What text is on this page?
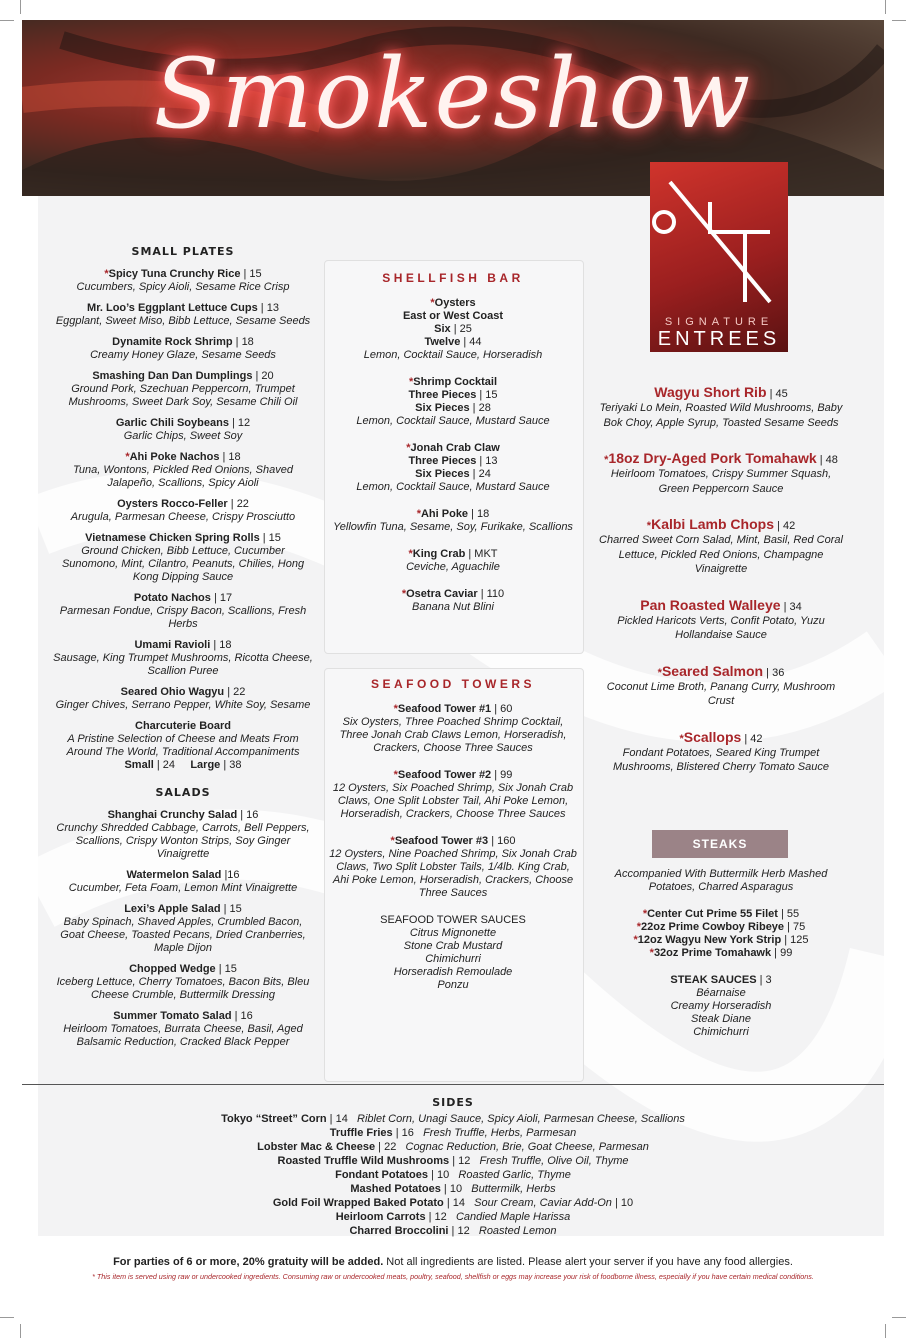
Smokeshow
SIGNATURE
ENTREES
SMALL PLATES
*Spicy Tuna Crunchy Rice | 15
Cucumbers, Spicy Aioli, Sesame Rice Crisp
Mr. Loo’s Eggplant Lettuce Cups | 13
Eggplant, Sweet Miso, Bibb Lettuce, Sesame Seeds
Dynamite Rock Shrimp | 18
Creamy Honey Glaze, Sesame Seeds
Smashing Dan Dan Dumplings | 20
Ground Pork, Szechuan Peppercorn, Trumpet Mushrooms, Sweet Dark Soy, Sesame Chili Oil
Garlic Chili Soybeans | 12
Garlic Chips, Sweet Soy
*Ahi Poke Nachos | 18
Tuna, Wontons, Pickled Red Onions, Shaved Jalapeño, Scallions, Spicy Aioli
Oysters Rocco-Feller | 22
Arugula, Parmesan Cheese, Crispy Prosciutto
Vietnamese Chicken Spring Rolls | 15
Ground Chicken, Bibb Lettuce, Cucumber Sunomono, Mint, Cilantro, Peanuts, Chilies, Hong Kong Dipping Sauce
Potato Nachos | 17
Parmesan Fondue, Crispy Bacon, Scallions, Fresh Herbs
Umami Ravioli | 18
Sausage, King Trumpet Mushrooms, Ricotta Cheese, Scallion Puree
Seared Ohio Wagyu | 22
Ginger Chives, Serrano Pepper, White Soy, Sesame
Charcuterie Board
A Pristine Selection of Cheese and Meats From Around The World, Traditional Accompaniments
Small | 24 Large | 38
SALADS
Shanghai Crunchy Salad | 16
Crunchy Shredded Cabbage, Carrots, Bell Peppers, Scallions, Crispy Wonton Strips, Soy Ginger Vinaigrette
Watermelon Salad |16
Cucumber, Feta Foam, Lemon Mint Vinaigrette
Lexi’s Apple Salad | 15
Baby Spinach, Shaved Apples, Crumbled Bacon, Goat Cheese, Toasted Pecans, Dried Cranberries, Maple Dijon
Chopped Wedge | 15
Iceberg Lettuce, Cherry Tomatoes, Bacon Bits, Bleu Cheese Crumble, Buttermilk Dressing
Summer Tomato Salad | 16
Heirloom Tomatoes, Burrata Cheese, Basil, Aged Balsamic Reduction, Cracked Black Pepper
SHELLFISH BAR
*Oysters
East or West Coast
Six | 25
Twelve | 44
Lemon, Cocktail Sauce, Horseradish
*Shrimp Cocktail
Three Pieces | 15
Six Pieces | 28
Lemon, Cocktail Sauce, Mustard Sauce
*Jonah Crab Claw
Three Pieces | 13
Six Pieces | 24
Lemon, Cocktail Sauce, Mustard Sauce
*Ahi Poke | 18
Yellowfin Tuna, Sesame, Soy, Furikake, Scallions
*King Crab | MKT
Ceviche, Aguachile
*Osetra Caviar | 110
Banana Nut Blini
SEAFOOD TOWERS
*Seafood Tower #1 | 60
Six Oysters, Three Poached Shrimp Cocktail, Three Jonah Crab Claws Lemon, Horseradish, Crackers, Choose Three Sauces
*Seafood Tower #2 | 99
12 Oysters, Six Poached Shrimp, Six Jonah Crab Claws, One Split Lobster Tail, Ahi Poke Lemon, Horseradish, Crackers, Choose Three Sauces
*Seafood Tower #3 | 160
12 Oysters, Nine Poached Shrimp, Six Jonah Crab Claws, Two Split Lobster Tails, 1/4lb. King Crab, Ahi Poke Lemon, Horseradish, Crackers, Choose Three Sauces
SEAFOOD TOWER SAUCES
Citrus Mignonette
Stone Crab Mustard
Chimichurri
Horseradish Remoulade
Ponzu
Wagyu Short Rib | 45
Teriyaki Lo Mein, Roasted Wild Mushrooms, Baby Bok Choy, Apple Syrup, Toasted Sesame Seeds
*18oz Dry-Aged Pork Tomahawk | 48
Heirloom Tomatoes, Crispy Summer Squash, Green Peppercorn Sauce
*Kalbi Lamb Chops | 42
Charred Sweet Corn Salad, Mint, Basil, Red Coral Lettuce, Pickled Red Onions, Champagne Vinaigrette
Pan Roasted Walleye | 34
Pickled Haricots Verts, Confit Potato, Yuzu Hollandaise Sauce
*Seared Salmon | 36
Coconut Lime Broth, Panang Curry, Mushroom Crust
*Scallops | 42
Fondant Potatoes, Seared King Trumpet Mushrooms, Blistered Cherry Tomato Sauce
STEAKS
Accompanied With Buttermilk Herb Mashed Potatoes, Charred Asparagus
*Center Cut Prime 55 Filet | 55
*22oz Prime Cowboy Ribeye | 75
*12oz Wagyu New York Strip | 125
*32oz Prime Tomahawk | 99
STEAK SAUCES | 3
Béarnaise
Creamy Horseradish
Steak Diane
Chimichurri
SIDES
Tokyo “Street” Corn | 14 Riblet Corn, Unagi Sauce, Spicy Aioli, Parmesan Cheese, Scallions
Truffle Fries | 16 Fresh Truffle, Herbs, Parmesan
Lobster Mac & Cheese | 22 Cognac Reduction, Brie, Goat Cheese, Parmesan
Roasted Truffle Wild Mushrooms | 12 Fresh Truffle, Olive Oil, Thyme
Fondant Potatoes | 10 Roasted Garlic, Thyme
Mashed Potatoes | 10 Buttermilk, Herbs
Gold Foil Wrapped Baked Potato | 14 Sour Cream, Caviar Add-On | 10
Heirloom Carrots | 12 Candied Maple Harissa
Charred Broccolini | 12 Roasted Lemon
For parties of 6 or more, 20% gratuity will be added. Not all ingredients are listed. Please alert your server if you have any food allergies.
* This item is served using raw or undercooked ingredients. Consuming raw or undercooked meats, poultry, seafood, shellfish or eggs may increase your risk of foodborne illness, especially if you have certain medical conditions.
